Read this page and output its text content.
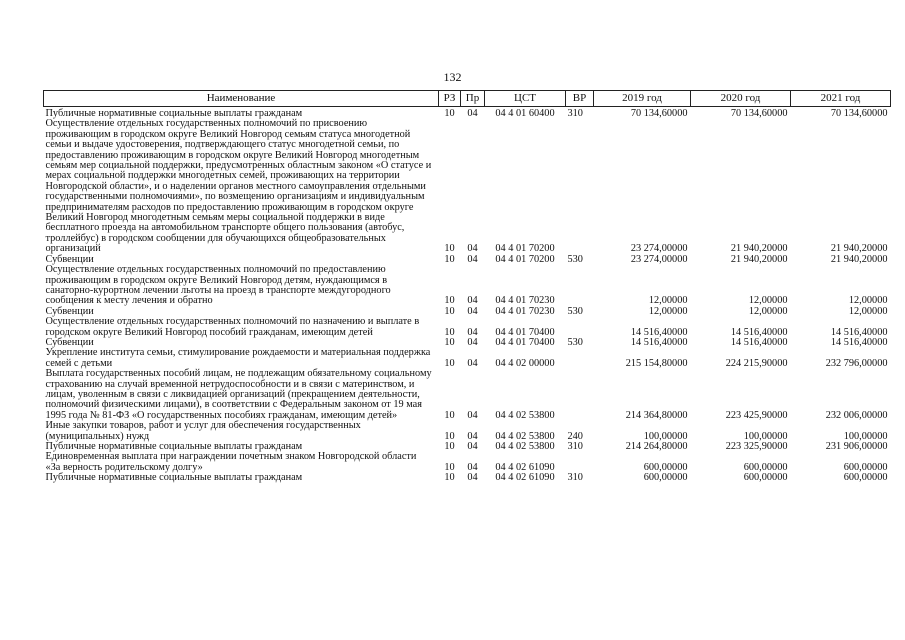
132
Наименование	РЗ	Пр	ЦСТ	ВР	2019 год	2020 год	2021 год
Публичные нормативные социальные выплаты гражданам	10	04	04 4 01 60400	310	70 134,60000	70 134,60000	70 134,60000
Осуществление отдельных государственных полномочий по присвоению проживающим в городском округе Великий Новгород семьям статуса многодетной семьи и выдаче удостоверения, подтверждающего статус многодетной семьи, по предоставлению проживающим в городском округе Великий Новгород многодетным семьям мер социальной поддержки, предусмотренных областным законом «О статусе и мерах социальной поддержки многодетных семей, проживающих на территории Новгородской области», и о наделении органов местного самоуправления отдельными государственными полномочиями», по возмещению организациям и индивидуальным предпринимателям расходов по предоставлению проживающим в городском округе Великий Новгород многодетным семьям меры социальной поддержки в виде бесплатного проезда на автомобильном транспорте общего пользования (автобус, троллейбус) в городском сообщении для обучающихся общеобразовательных организаций	10	04	04 4 01 70200		23 274,00000	21 940,20000	21 940,20000
Субвенции	10	04	04 4 01 70200	530	23 274,00000	21 940,20000	21 940,20000
Осуществление отдельных государственных полномочий по предоставлению проживающим в городском округе Великий Новгород детям, нуждающимся в санаторно-курортном лечении льготы на проезд в транспорте междугородного сообщения к месту лечения и обратно	10	04	04 4 01 70230		12,00000	12,00000	12,00000
Субвенции	10	04	04 4 01 70230	530	12,00000	12,00000	12,00000
Осуществление отдельных государственных полномочий по назначению и выплате в городском округе Великий Новгород пособий гражданам, имеющим детей	10	04	04 4 01 70400		14 516,40000	14 516,40000	14 516,40000
Субвенции	10	04	04 4 01 70400	530	14 516,40000	14 516,40000	14 516,40000
Укрепление института семьи, стимулирование рождаемости и материальная поддержка семей с детьми	10	04	04 4 02 00000		215 154,80000	224 215,90000	232 796,00000
Выплата государственных пособий лицам, не подлежащим обязательному социальному страхованию на случай временной нетрудоспособности и в связи с материнством, и лицам, уволенным в связи с ликвидацией организаций (прекращением деятельности, полномочий физическими лицами), в соответствии с Федеральным законом от 19 мая 1995 года № 81-ФЗ «О государственных пособиях гражданам, имеющим детей»	10	04	04 4 02 53800		214 364,80000	223 425,90000	232 006,00000
Иные закупки товаров, работ и услуг для обеспечения государственных (муниципальных) нужд	10	04	04 4 02 53800	240	100,00000	100,00000	100,00000
Публичные нормативные социальные выплаты гражданам	10	04	04 4 02 53800	310	214 264,80000	223 325,90000	231 906,00000
Единовременная выплата при награждении почетным знаком Новгородской области «За верность родительскому долгу»	10	04	04 4 02 61090		600,00000	600,00000	600,00000
Публичные нормативные социальные выплаты гражданам	10	04	04 4 02 61090	310	600,00000	600,00000	600,00000
